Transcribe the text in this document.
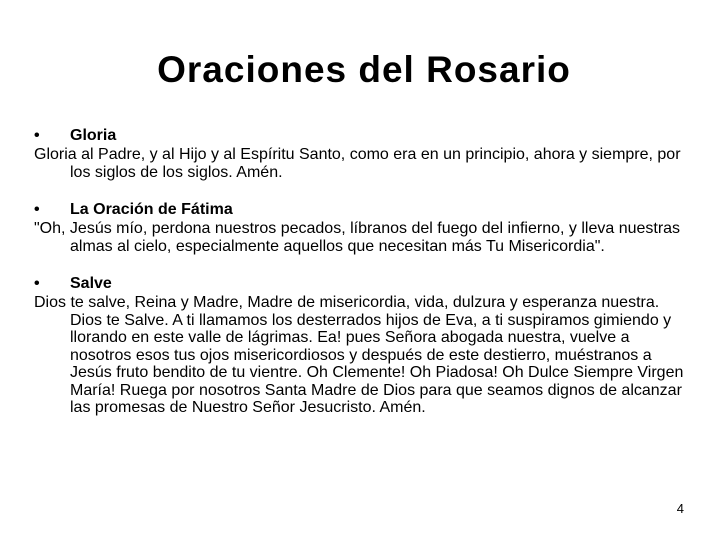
Oraciones del Rosario
• Gloria

Gloria al Padre, y al Hijo y al Espíritu Santo, como era en un principio, ahora y siempre, por los siglos de los siglos. Amén.

• La Oración de Fátima

"Oh, Jesús mío, perdona nuestros pecados, líbranos del fuego del infierno, y lleva nuestras almas al cielo, especialmente aquellos que necesitan más Tu Misericordia".

• Salve

Dios te salve, Reina y Madre, Madre de misericordia, vida, dulzura y esperanza nuestra. Dios te Salve. A ti llamamos los desterrados hijos de Eva, a ti suspiramos gimiendo y llorando en este valle de lágrimas. Ea! pues Señora abogada nuestra, vuelve a nosotros esos tus ojos misericordiosos y después de este destierro, muéstranos a Jesús fruto bendito de tu vientre. Oh Clemente! Oh Piadosa! Oh Dulce Siempre Virgen María! Ruega por nosotros Santa Madre de Dios para que seamos dignos de alcanzar las promesas de Nuestro Señor Jesucristo. Amén.

4
